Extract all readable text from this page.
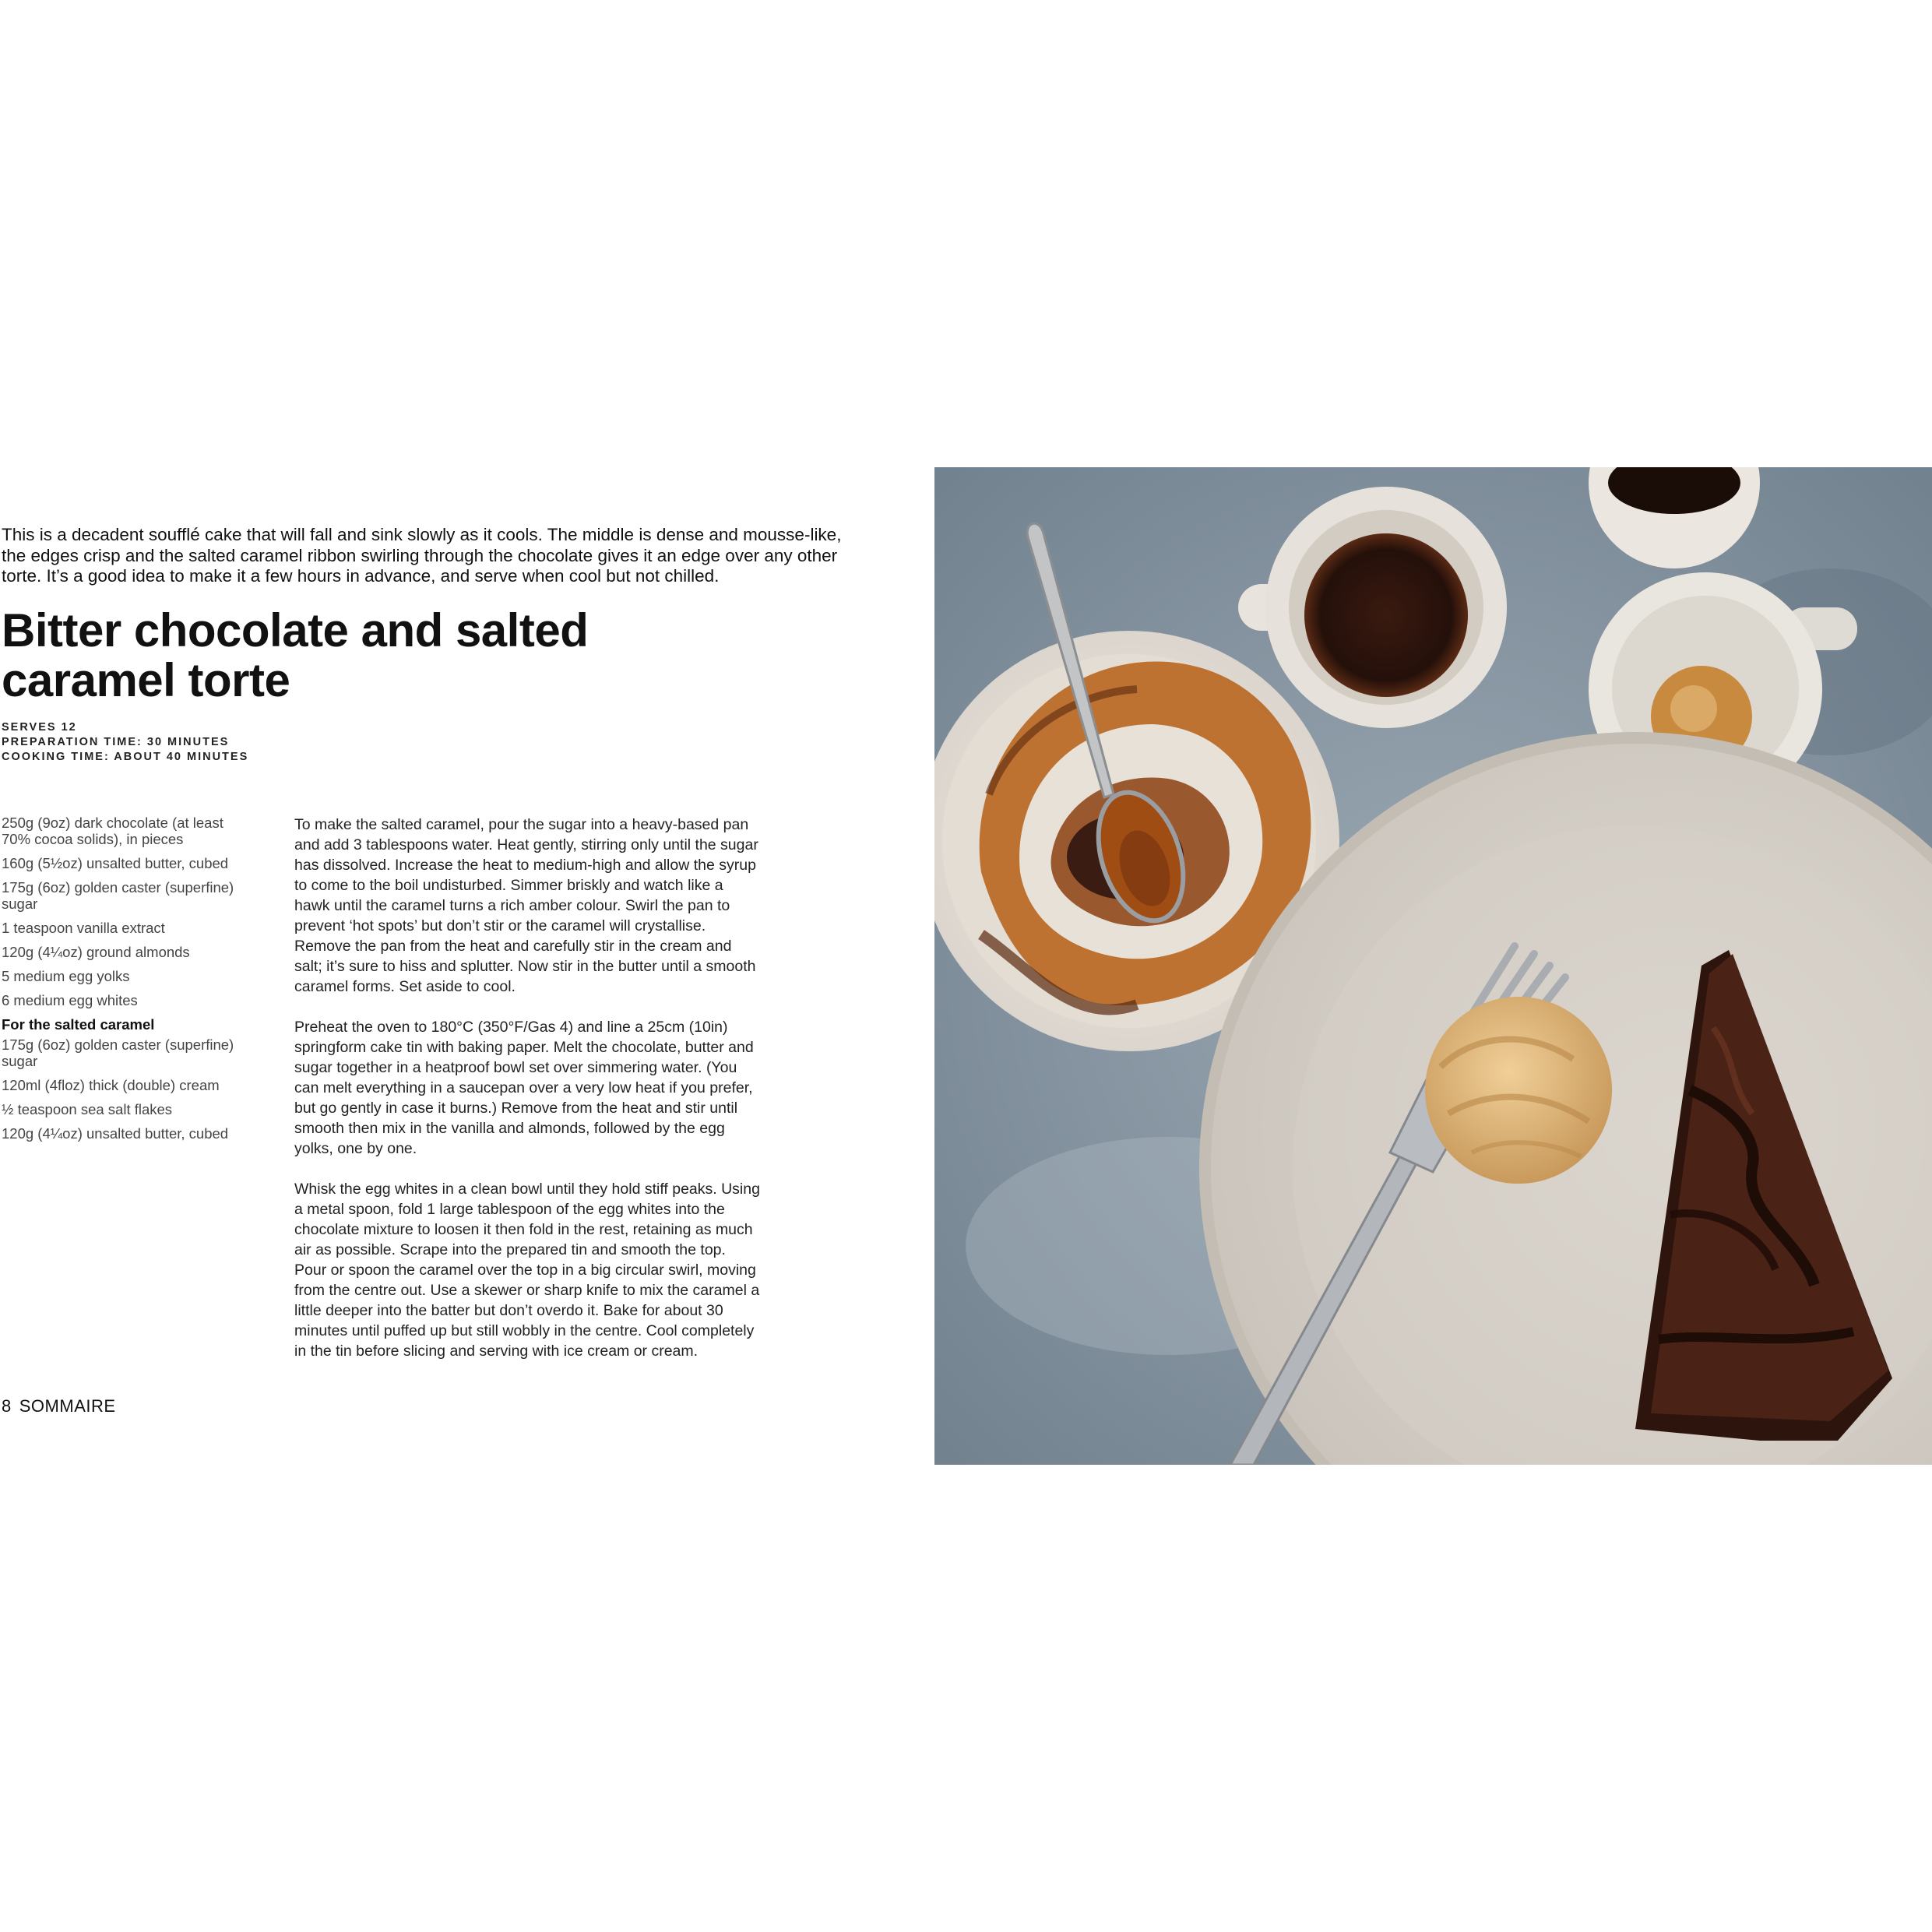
This is a decadent soufflé cake that will fall and sink slowly as it cools. The middle is dense and mousse-like, the edges crisp and the salted caramel ribbon swirling through the chocolate gives it an edge over any other torte. It’s a good idea to make it a few hours in advance, and serve when cool but not chilled.

Bitter chocolate and salted
caramel torte
SERVES 12
PREPARATION TIME: 30 MINUTES
COOKING TIME: ABOUT 40 MINUTES
250g (9oz) dark chocolate (at least 70% cocoa solids), in pieces
160g (5½oz) unsalted butter, cubed
175g (6oz) golden caster (superfine) sugar
1 teaspoon vanilla extract
120g (4¼oz) ground almonds
5 medium egg yolks
6 medium egg whites
For the salted caramel
175g (6oz) golden caster (superfine) sugar
120ml (4floz) thick (double) cream
½ teaspoon sea salt flakes
120g (4¼oz) unsalted butter, cubed

To make the salted caramel, pour the sugar into a heavy-based pan and add 3 tablespoons water. Heat gently, stirring only until the sugar has dissolved. Increase the heat to medium-high and allow the syrup to come to the boil undisturbed. Simmer briskly and watch like a hawk until the caramel turns a rich amber colour. Swirl the pan to prevent ‘hot spots’ but don’t stir or the caramel will crystallise. Remove the pan from the heat and carefully stir in the cream and salt; it’s sure to hiss and splutter. Now stir in the butter until a smooth caramel forms. Set aside to cool.

Preheat the oven to 180°C (350°F/Gas 4) and line a 25cm (10in) springform cake tin with baking paper. Melt the chocolate, butter and sugar together in a heatproof bowl set over simmering water. (You can melt everything in a saucepan over a very low heat if you prefer, but go gently in case it burns.) Remove from the heat and stir until smooth then mix in the vanilla and almonds, followed by the egg yolks, one by one.

Whisk the egg whites in a clean bowl until they hold stiff peaks. Using a metal spoon, fold 1 large tablespoon of the egg whites into the chocolate mixture to loosen it then fold in the rest, retaining as much air as possible. Scrape into the prepared tin and smooth the top. Pour or spoon the caramel over the top in a big circular swirl, moving from the centre out. Use a skewer or sharp knife to mix the caramel a little deeper into the batter but don’t overdo it. Bake for about 30 minutes until puffed up but still wobbly in the centre. Cool completely in the tin before slicing and serving with ice cream or cream.

8 SOMMAIRE
